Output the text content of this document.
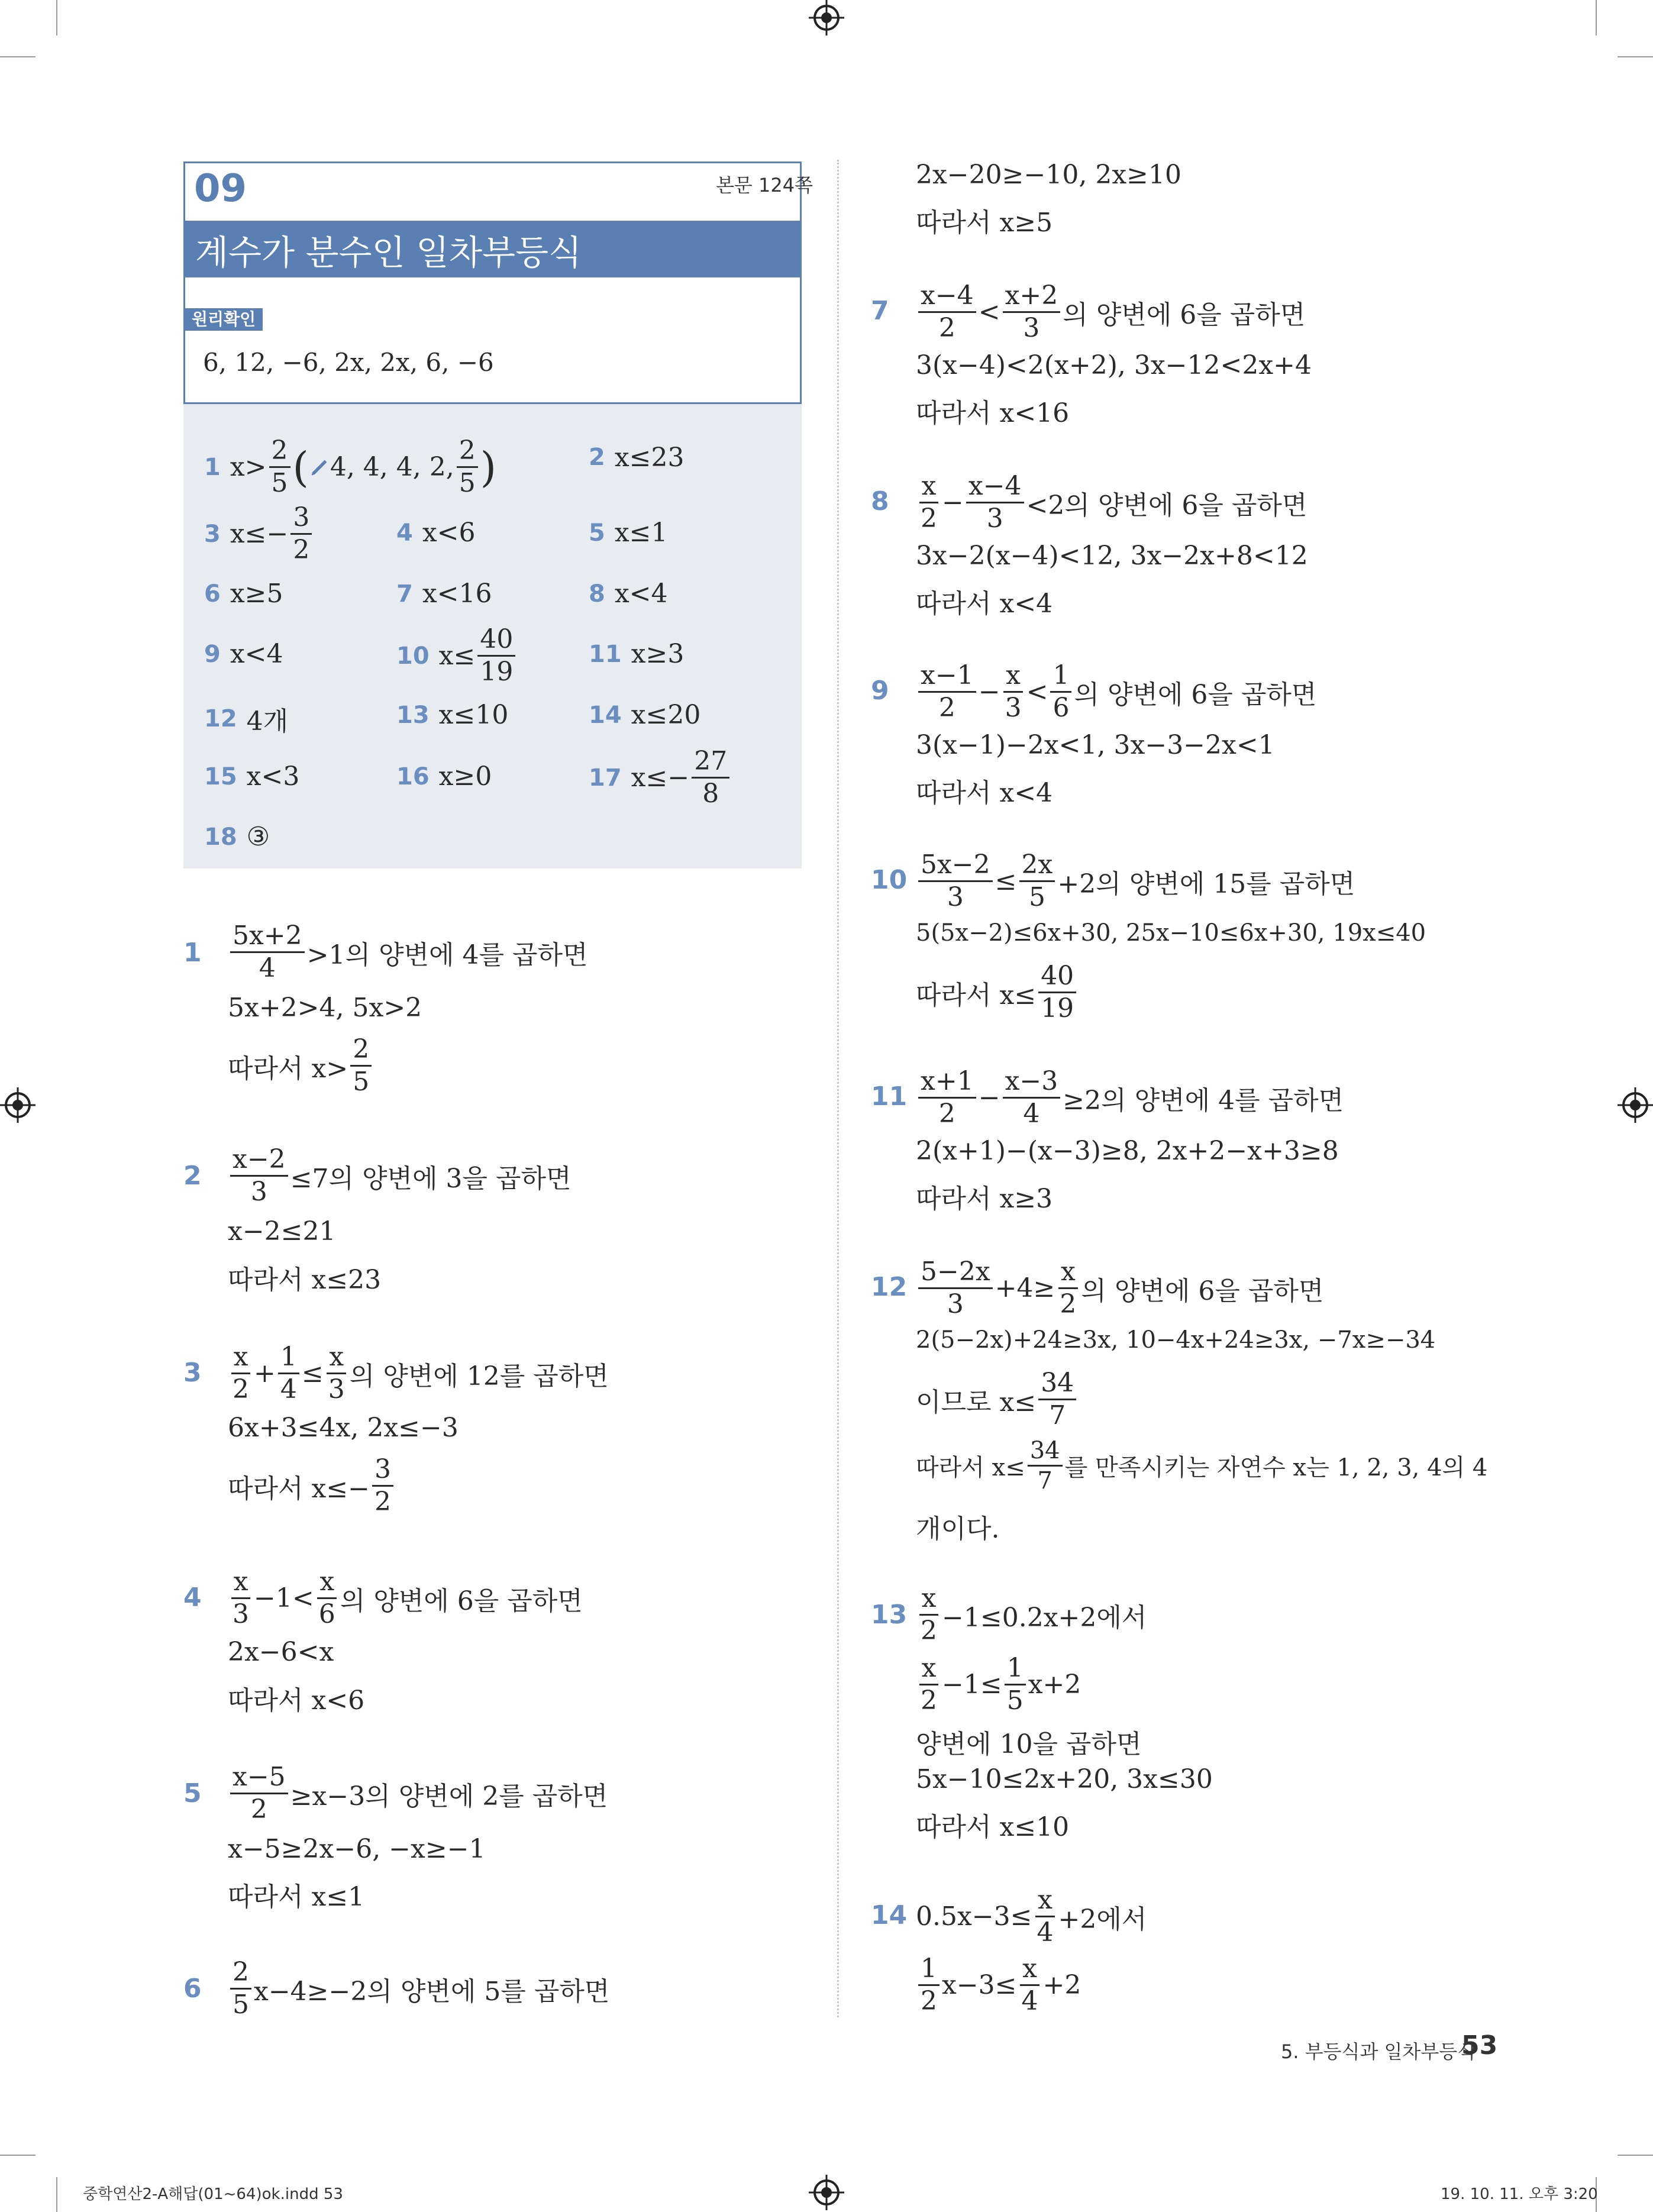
09	본문 124쪽
계수가 분수인 일차부등식
원리확인
6, 12, −6, 2x, 2x, 6, −6
1 $x> \frac{2}{5}$ ( 4, 4, 4, 2, $\frac{2}{5}$ )	2 x≤23
3 $x\le- \frac{3}{2}$	4 x<6	5 x≤1
6 x≥5	7 x<16	8 x<4
9 x<4	10 $x\le \frac{40}{19}$	11 x≥3
12 4개	13 x≤10	14 x≤20
15 x<3	16 x≥0	17 $x\le- \frac{27}{8}$
18 ③
$1 \frac{5x+2}{4} >1$의 양변에 4를 곱하면
5x+2>4, 5x>2
따라서 $x> \frac{2}{5}$
$2 \frac{x-2}{3} \le 7$의 양변에 3을 곱하면
x−2≤21
따라서 x≤23
$3 \frac{x}{2} + \frac{1}{4} \le \frac{x}{3}$ 의 양변에 12를 곱하면
6x+3≤4x, 2x≤−3
따라서 $x\le- \frac{3}{2}$
$4 \frac{x}{3} -1< \frac{x}{6}$ 의 양변에 6을 곱하면
2x−6<x
따라서 x<6
$5 \frac{x-5}{2} \ge x-3$의 양변에 2를 곱하면
x−5≥2x−6, −x≥−1
따라서 x≤1
$6 \frac{2}{5} x-4\ge-2$의 양변에 5를 곱하면
2x−20≥−10, 2x≥10
따라서 x≥5
$7 \frac{x-4}{2} < \frac{x+2}{3}$ 의 양변에 6을 곱하면
3(x−4)<2(x+2), 3x−12<2x+4
따라서 x<16
$8 \frac{x}{2} - \frac{x-4}{3} <2$의 양변에 6을 곱하면
3x−2(x−4)<12, 3x−2x+8<12
따라서 x<4
$9 \frac{x-1}{2} - \frac{x}{3} < \frac{1}{6}$ 의 양변에 6을 곱하면
3(x−1)−2x<1, 3x−3−2x<1
따라서 x<4
$10 \frac{5x-2}{3} \le \frac{2x}{5} +2$의 양변에 15를 곱하면
5(5x−2)≤6x+30, 25x−10≤6x+30, 19x≤40
따라서 $x\le \frac{40}{19}$
$11 \frac{x+1}{2} - \frac{x-3}{4} \ge 2$의 양변에 4를 곱하면
2(x+1)−(x−3)≥8, 2x+2−x+3≥8
따라서 x≥3
$12 \frac{5-2x}{3} +4\ge \frac{x}{2}$ 의 양변에 6을 곱하면
2(5−2x)+24≥3x, 10−4x+24≥3x, −7x≥−34
이므로 $x\le \frac{34}{7}$
따라서 $x\le \frac{34}{7}$ 를 만족시키는 자연수 x는 1, 2, 3, 4의 4
개이다.
$13 \frac{x}{2} -1\le 0.2x+2$에서
$\frac{x}{2} -1\le \frac{1}{5} x+2$
양변에 10을 곱하면
5x−10≤2x+20, 3x≤30
따라서 x≤10
14 $0.5x-3\le \frac{x}{4} +2$에서
$\frac{1}{2} x-3\le \frac{x}{4} +2$
5. 부등식과 일차부등식
53
중학연산2-A해답(01~64)ok.indd 53	19. 10. 11. 오후 3:20
